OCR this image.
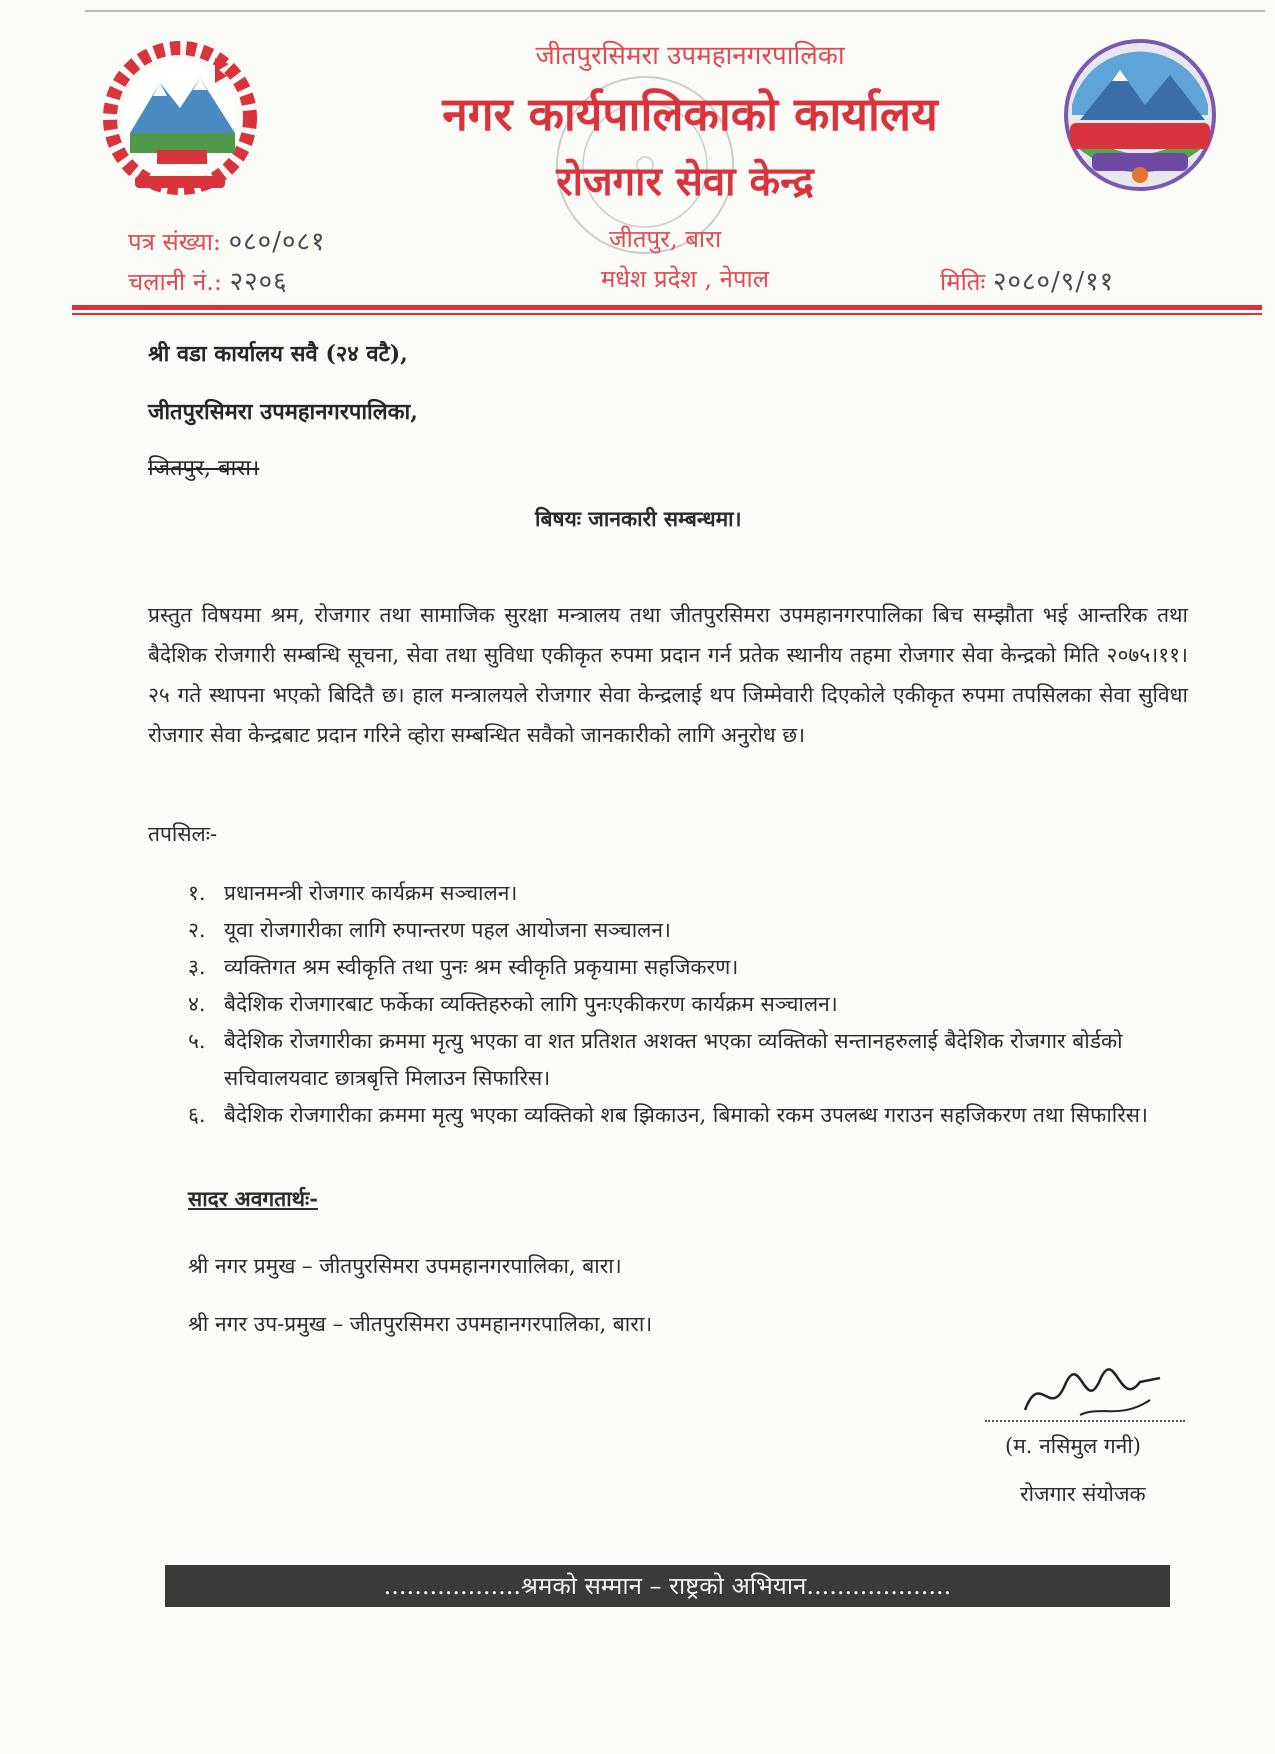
जीतपुरसिमरा उपमहानगरपालिका
नगर कार्यपालिकाको कार्यालय
रोजगार सेवा केन्द्र
जीतपुर, बारा
मधेश प्रदेश , नेपाल
पत्र संख्या: ०८०/०८१
चलानी नं.: २२०६	मितिः २०८०/९/११
श्री वडा कार्यालय सवै (२४ वटै),
जीतपुरसिमरा उपमहानगरपालिका,
जितपुर, बारा।
बिषयः जानकारी सम्बन्धमा।
प्रस्तुत विषयमा श्रम, रोजगार तथा सामाजिक सुरक्षा मन्त्रालय तथा जीतपुरसिमरा उपमहानगरपालिका बिच सम्झौता भई आन्तरिक तथा बैदेशिक रोजगारी सम्बन्धि सूचना, सेवा तथा सुविधा एकीकृत रुपमा प्रदान गर्न प्रतेक स्थानीय तहमा रोजगार सेवा केन्द्रको मिति २०७५।११।२५ गते स्थापना भएको बिदितै छ। हाल मन्त्रालयले रोजगार सेवा केन्द्रलाई थप जिम्मेवारी दिएकोले एकीकृत रुपमा तपसिलका सेवा सुविधा रोजगार सेवा केन्द्रबाट प्रदान गरिने व्होरा सम्बन्धित सवैको जानकारीको लागि अनुरोध छ।
तपसिलः-
१. प्रधानमन्त्री रोजगार कार्यक्रम सञ्चालन।
२. यूवा रोजगारीका लागि रुपान्तरण पहल आयोजना सञ्चालन।
३. व्यक्तिगत श्रम स्वीकृति तथा पुनः श्रम स्वीकृति प्रकृयामा सहजिकरण।
४. बैदेशिक रोजगारबाट फर्केका व्यक्तिहरुको लागि पुनःएकीकरण कार्यक्रम सञ्चालन।
५. बैदेशिक रोजगारीका क्रममा मृत्यु भएका वा शत प्रतिशत अशक्त भएका व्यक्तिको सन्तानहरुलाई बैदेशिक रोजगार बोर्डको सचिवालयवाट छात्रबृत्ति मिलाउन सिफारिस।
६. बैदेशिक रोजगारीका क्रममा मृत्यु भएका व्यक्तिको शब झिकाउन, बिमाको रकम उपलब्ध गराउन सहजिकरण तथा सिफारिस।
सादर अवगतार्थः-
श्री नगर प्रमुख – जीतपुरसिमरा उपमहानगरपालिका, बारा।
श्री नगर उप-प्रमुख – जीतपुरसिमरा उपमहानगरपालिका, बारा।
(म. नसिमुल गनी)
रोजगार संयोजक
..................श्रमको सम्मान – राष्ट्रको अभियान...................
